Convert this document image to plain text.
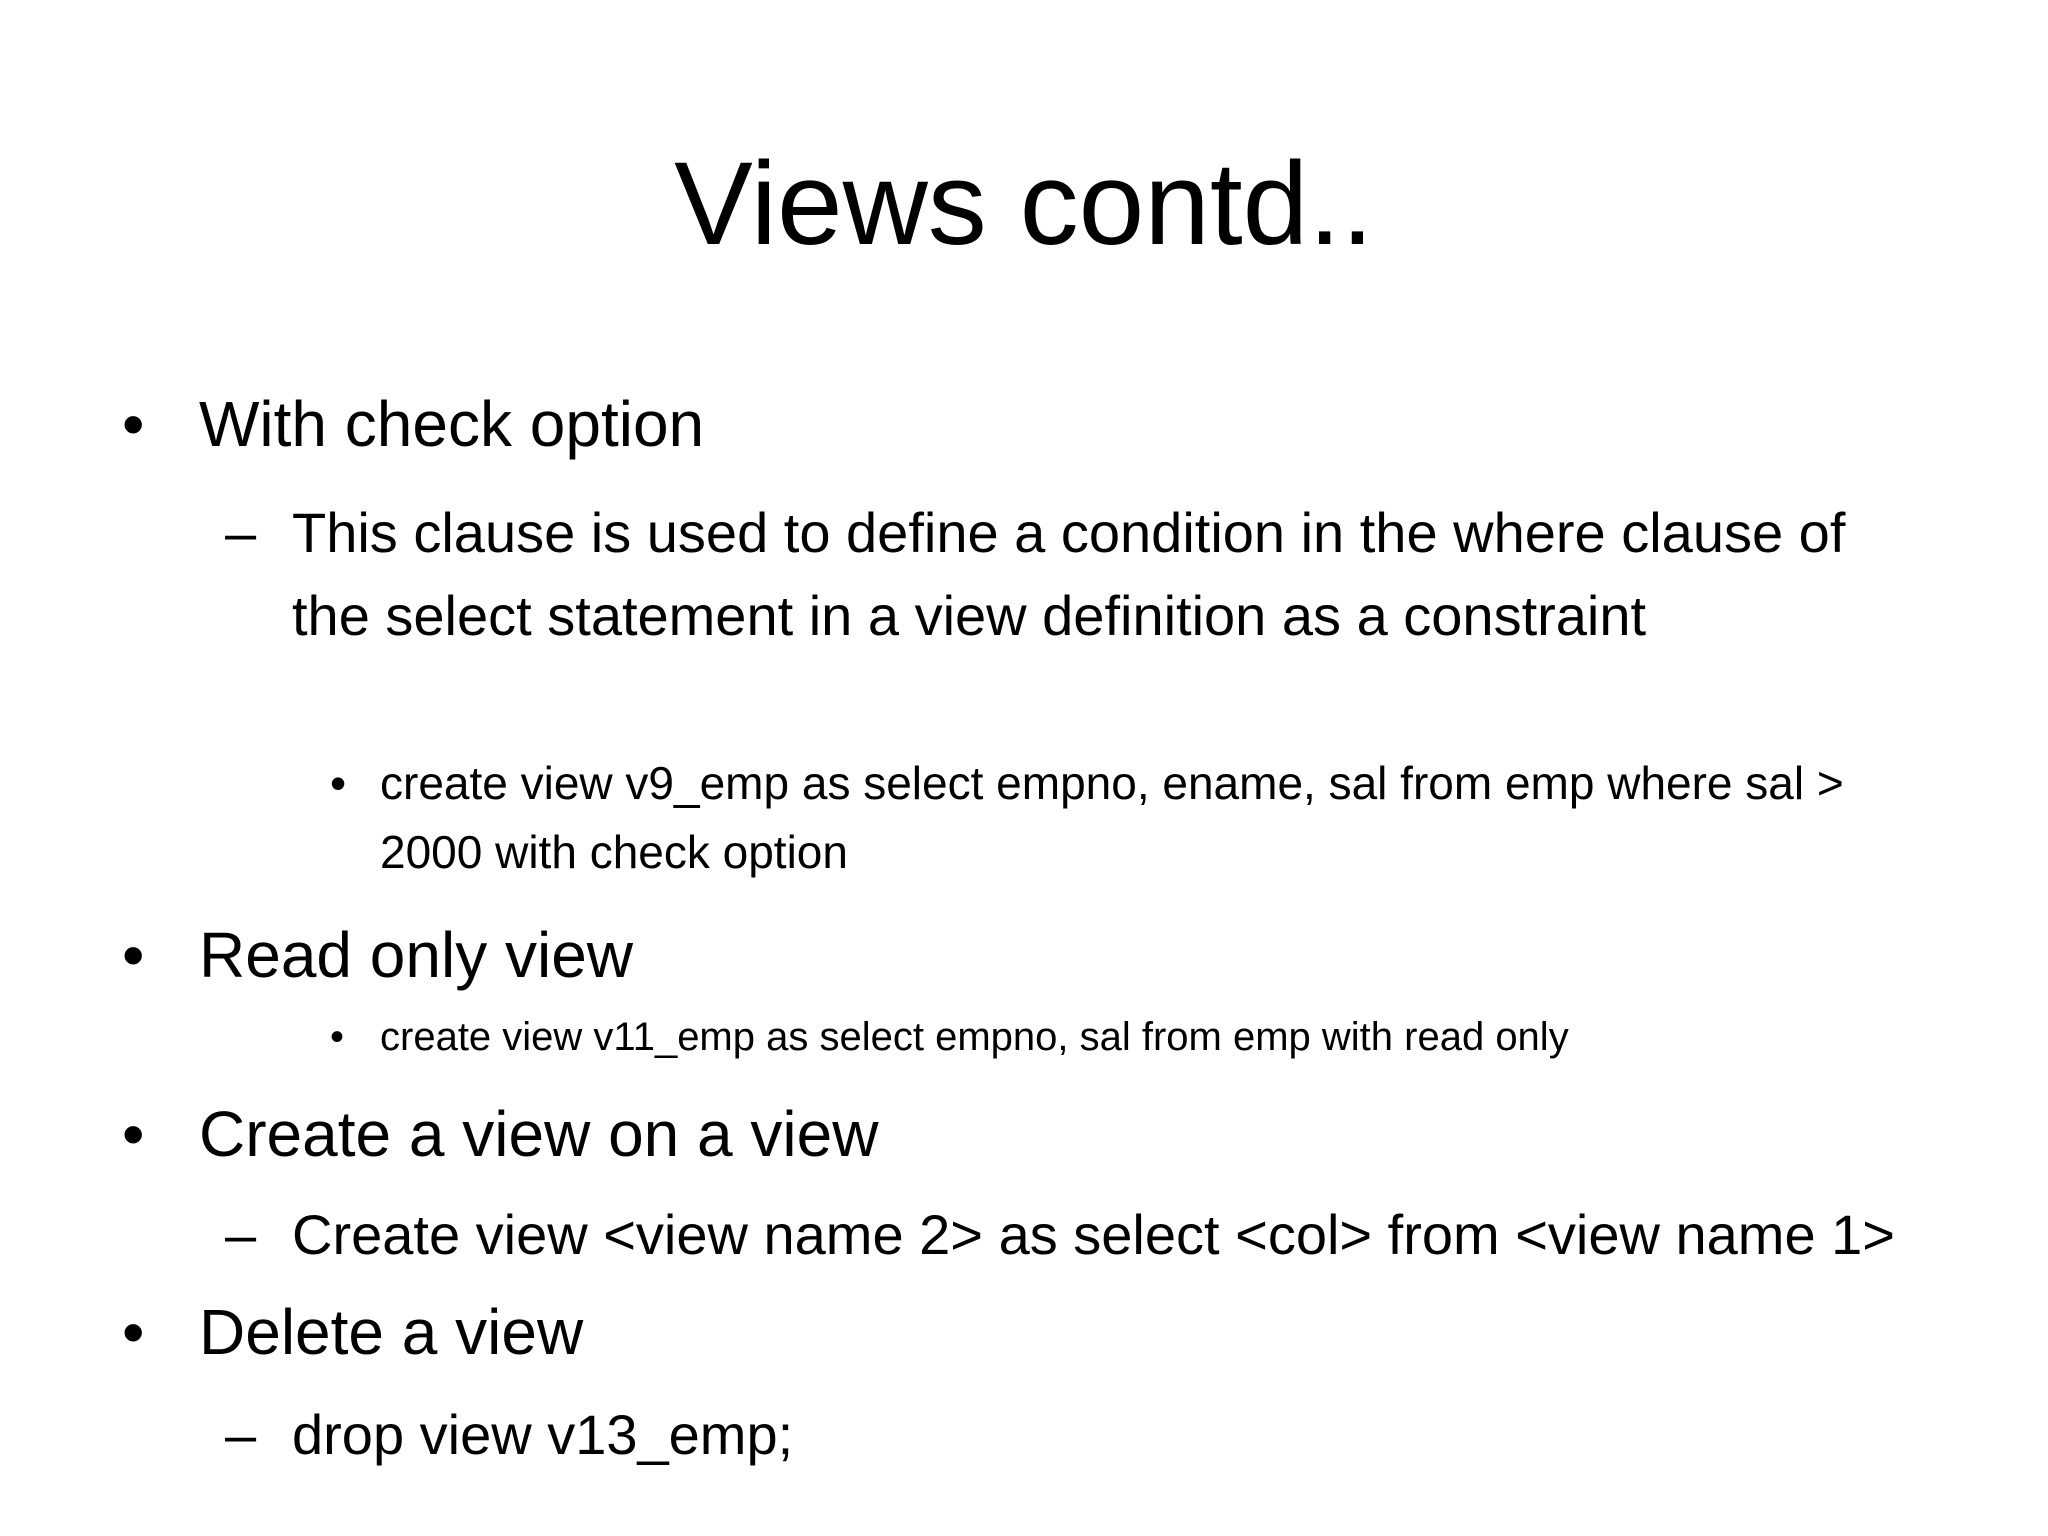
Views contd..
• With check option
– This clause is used to define a condition in the where clause of the select statement in a view definition as a constraint
• create view v9_emp as select empno, ename, sal from emp where sal > 2000 with check option
• Read only view
• create view v11_emp as select empno, sal from emp with read only
• Create a view on a view
– Create view <view name 2> as select <col> from <view name 1>
• Delete a view
– drop view v13_emp;
